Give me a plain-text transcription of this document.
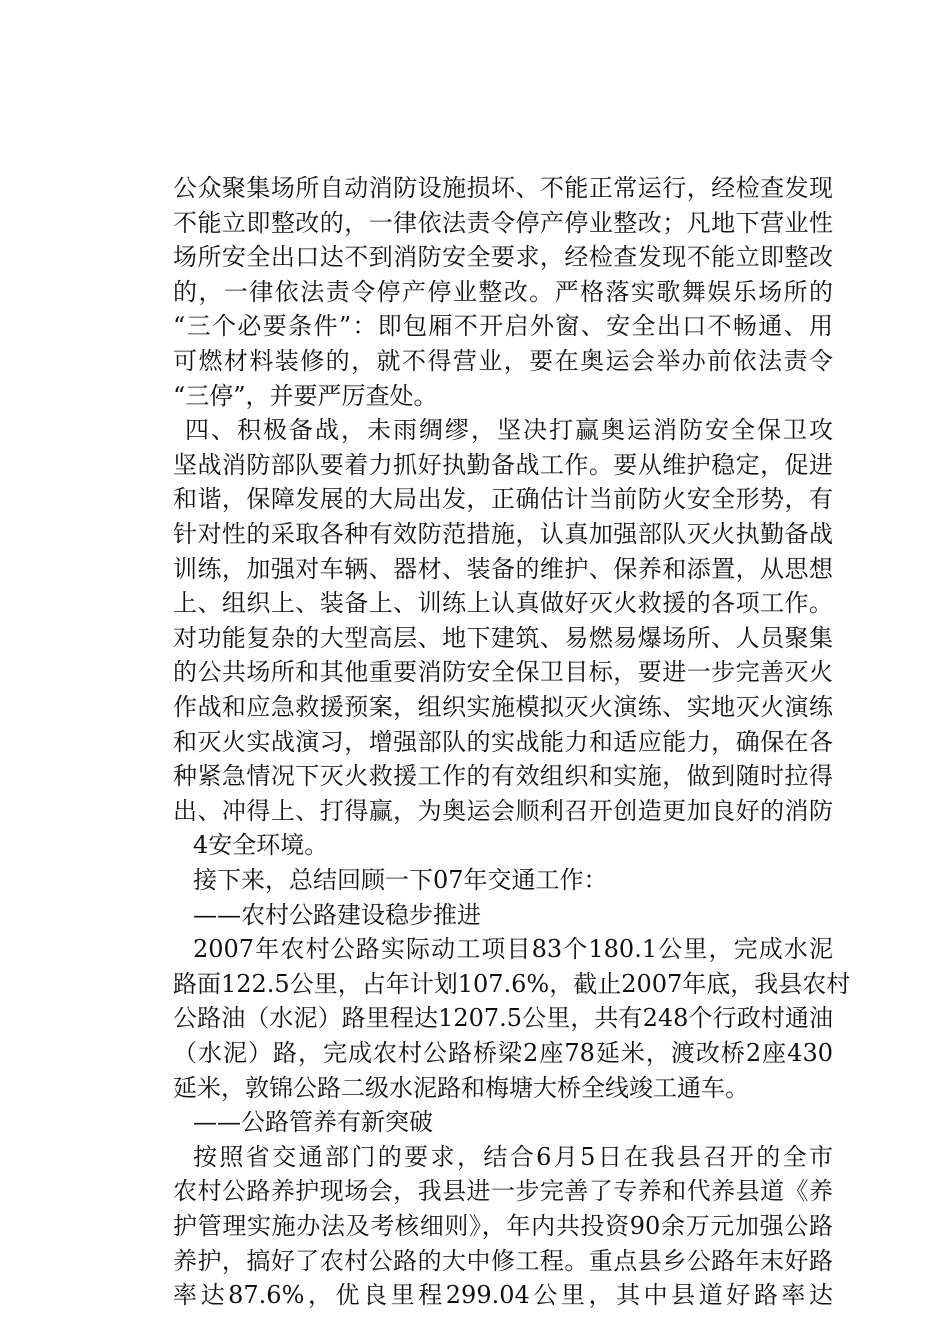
公众聚集场所自动消防设施损坏、不能正常运行，经检查发现
不能立即整改的，一律依法责令停产停业整改；凡地下营业性
场所安全出口达不到消防安全要求，经检查发现不能立即整改
的，一律依法责令停产停业整改。严格落实歌舞娱乐场所的
“三个必要条件”：即包厢不开启外窗、安全出口不畅通、用
可燃材料装修的，就不得营业，要在奥运会举办前依法责令
“三停”，并要严厉查处。
四、积极备战，未雨绸缪，坚决打赢奥运消防安全保卫攻
坚战消防部队要着力抓好执勤备战工作。要从维护稳定，促进
和谐，保障发展的大局出发，正确估计当前防火安全形势，有
针对性的采取各种有效防范措施，认真加强部队灭火执勤备战
训练，加强对车辆、器材、装备的维护、保养和添置，从思想
上、组织上、装备上、训练上认真做好灭火救援的各项工作。
对功能复杂的大型高层、地下建筑、易燃易爆场所、人员聚集
的公共场所和其他重要消防安全保卫目标，要进一步完善灭火
作战和应急救援预案，组织实施模拟灭火演练、实地灭火演练
和灭火实战演习，增强部队的实战能力和适应能力，确保在各
种紧急情况下灭火救援工作的有效组织和实施，做到随时拉得
出、冲得上、打得赢，为奥运会顺利召开创造更加良好的消防
4安全环境。
接下来，总结回顾一下07年交通工作：
——农村公路建设稳步推进
2007年农村公路实际动工项目83个180.1公里，完成水泥
路面122.5公里，占年计划107.6%，截止2007年底，我县农村
公路油（水泥）路里程达1207.5公里，共有248个行政村通油
（水泥）路，完成农村公路桥梁2座78延米，渡改桥2座430
延米，敦锦公路二级水泥路和梅塘大桥全线竣工通车。
——公路管养有新突破
按照省交通部门的要求，结合6月5日在我县召开的全市
农村公路养护现场会，我县进一步完善了专养和代养县道《养
护管理实施办法及考核细则》，年内共投资90余万元加强公路
养护，搞好了农村公路的大中修工程。重点县乡公路年末好路
率达87.6%，优良里程299.04公里，其中县道好路率达
